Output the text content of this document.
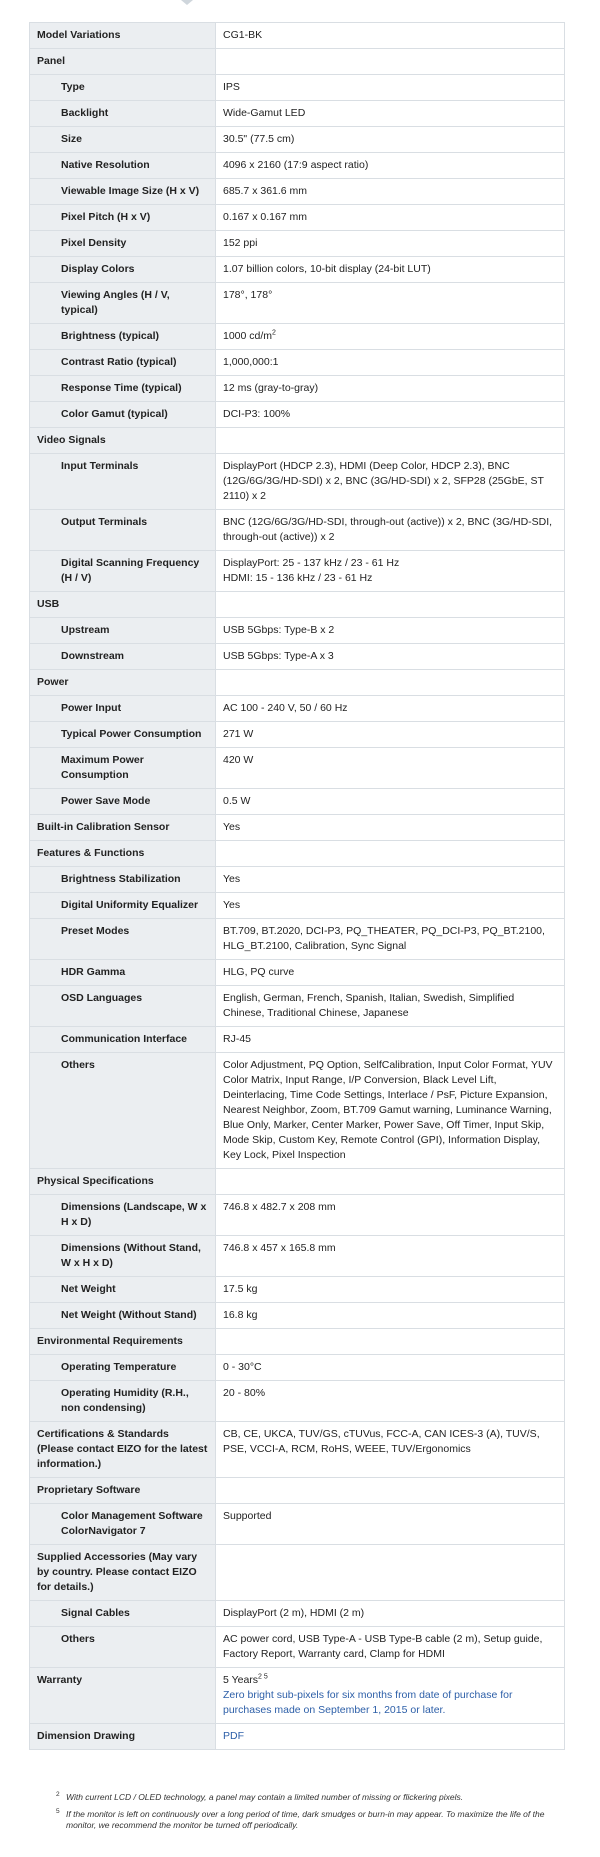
Model Variations	CG1-BK
Panel	
Type	IPS
Backlight	Wide-Gamut LED
Size	30.5" (77.5 cm)
Native Resolution	4096 x 2160 (17:9 aspect ratio)
Viewable Image Size (H x V)	685.7 x 361.6 mm
Pixel Pitch (H x V)	0.167 x 0.167 mm
Pixel Density	152 ppi
Display Colors	1.07 billion colors, 10-bit display (24-bit LUT)
Viewing Angles (H / V, typical)	178°, 178°
Brightness (typical)	1000 $cd/m^2$
Contrast Ratio (typical)	1,000,000:1
Response Time (typical)	12 ms (gray-to-gray)
Color Gamut (typical)	DCI-P3: 100%
Video Signals	
Input Terminals	DisplayPort (HDCP 2.3), HDMI (Deep Color, HDCP 2.3), BNC (12G/6G/3G/HD-SDI) x 2, BNC (3G/HD-SDI) x 2, SFP28 (25GbE, ST 2110) x 2
Output Terminals	BNC (12G/6G/3G/HD-SDI, through-out (active)) x 2, BNC (3G/HD-SDI, through-out (active)) x 2
Digital Scanning Frequency (H / V)	DisplayPort: 25 - 137 kHz / 23 - 61 Hz
HDMI: 15 - 136 kHz / 23 - 61 Hz

USB	
Upstream	USB 5Gbps: Type-B x 2
Downstream	USB 5Gbps: Type-A x 3
Power	
Power Input	AC 100 - 240 V, 50 / 60 Hz
Typical Power Consumption	271 W
Maximum Power Consumption	420 W
Power Save Mode	0.5 W
Built-in Calibration Sensor	Yes
Features & Functions	
Brightness Stabilization	Yes
Digital Uniformity Equalizer	Yes
Preset Modes	BT.709, BT.2020, DCI-P3, PQ_THEATER, PQ_DCI-P3, PQ_BT.2100, HLG_BT.2100, Calibration, Sync Signal
HDR Gamma	HLG, PQ curve
OSD Languages	English, German, French, Spanish, Italian, Swedish, Simplified Chinese, Traditional Chinese, Japanese
Communication Interface	RJ-45
Others	Color Adjustment, PQ Option, SelfCalibration, Input Color Format, YUV Color Matrix, Input Range, I/P Conversion, Black Level Lift, Deinterlacing, Time Code Settings, Interlace / PsF, Picture Expansion, Nearest Neighbor, Zoom, BT.709 Gamut warning, Luminance Warning, Blue Only, Marker, Center Marker, Power Save, Off Timer, Input Skip, Mode Skip, Custom Key, Remote Control (GPI), Information Display, Key Lock, Pixel Inspection
Physical Specifications	
Dimensions (Landscape, W x H x D)	746.8 x 482.7 x 208 mm
Dimensions (Without Stand, W x H x D)	746.8 x 457 x 165.8 mm
Net Weight	17.5 kg
Net Weight (Without Stand)	16.8 kg
Environmental Requirements	
Operating Temperature	0 - 30°C
Operating Humidity (R.H., non condensing)	20 - 80%
Certifications & Standards (Please contact EIZO for the latest information.)	CB, CE, UKCA, TUV/GS, cTUVus, FCC-A, CAN ICES-3 (A), TUV/S, PSE, VCCI-A, RCM, RoHS, WEEE, TUV/Ergonomics
Proprietary Software	
Color Management Software ColorNavigator 7	Supported
Supplied Accessories (May vary by country. Please contact EIZO for details.)	
Signal Cables	DisplayPort (2 m), HDMI (2 m)
Others	AC power cord, USB Type-A - USB Type-B cable (2 m), Setup guide, Factory Report, Warranty card, Clamp for HDMI
Warranty	5 Years$^{2 5}$
Zero bright sub-pixels for six months from date of purchase for purchases made on September 1, 2015 or later.

Dimension Drawing	PDF
2 With current LCD / OLED technology, a panel may contain a limited number of missing or flickering pixels.
5 If the monitor is left on continuously over a long period of time, dark smudges or burn-in may appear. To maximize the life of the monitor, we recommend the monitor be turned off periodically.
